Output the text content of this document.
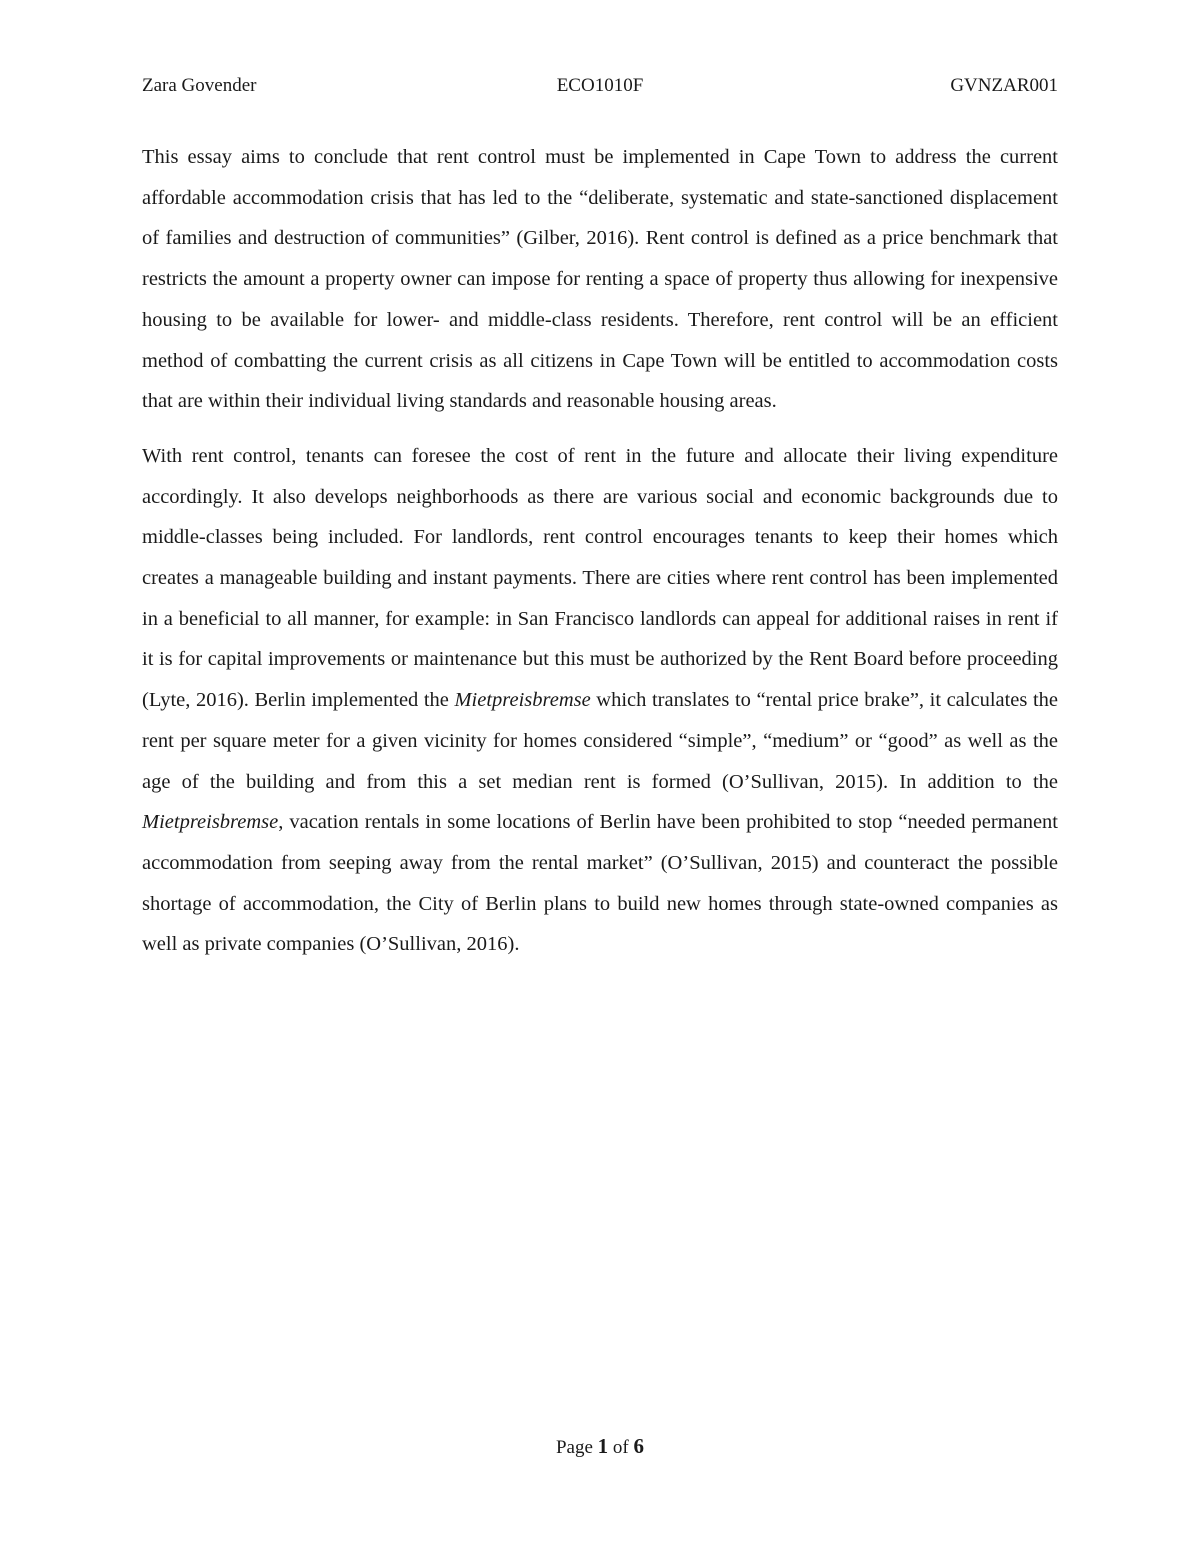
Zara Govender	ECO1010F	GVNZAR001

This essay aims to conclude that rent control must be implemented in Cape Town to address the current affordable accommodation crisis that has led to the “deliberate, systematic and state-sanctioned displacement of families and destruction of communities” (Gilber, 2016). Rent control is defined as a price benchmark that restricts the amount a property owner can impose for renting a space of property thus allowing for inexpensive housing to be available for lower- and middle-class residents. Therefore, rent control will be an efficient method of combatting the current crisis as all citizens in Cape Town will be entitled to accommodation costs that are within their individual living standards and reasonable housing areas.

With rent control, tenants can foresee the cost of rent in the future and allocate their living expenditure accordingly. It also develops neighborhoods as there are various social and economic backgrounds due to middle-classes being included. For landlords, rent control encourages tenants to keep their homes which creates a manageable building and instant payments. There are cities where rent control has been implemented in a beneficial to all manner, for example: in San Francisco landlords can appeal for additional raises in rent if it is for capital improvements or maintenance but this must be authorized by the Rent Board before proceeding (Lyte, 2016). Berlin implemented the Mietpreisbremse which translates to “rental price brake”, it calculates the rent per square meter for a given vicinity for homes considered “simple”, “medium” or “good” as well as the age of the building and from this a set median rent is formed (O’Sullivan, 2015). In addition to the Mietpreisbremse, vacation rentals in some locations of Berlin have been prohibited to stop “needed permanent accommodation from seeping away from the rental market” (O’Sullivan, 2015) and counteract the possible shortage of accommodation, the City of Berlin plans to build new homes through state-owned companies as well as private companies (O’Sullivan, 2016).

Page 1 of 6
